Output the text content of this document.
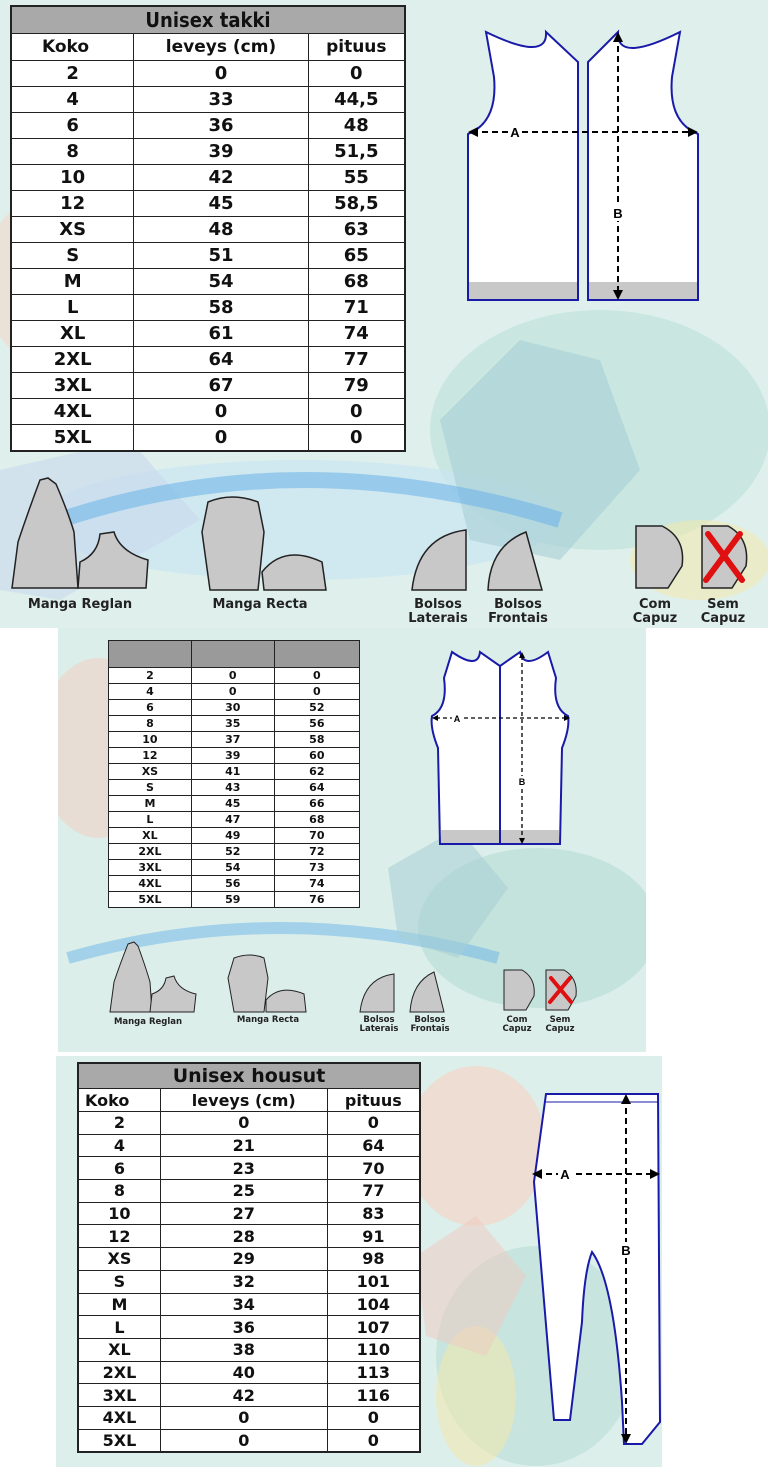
Unisex takki		
Koko	leveys (cm)	pituus
2	0	0
4	33	44,5
6	36	48
8	39	51,5
10	42	55
12	45	58,5
XS	48	63
S	51	65
M	54	68
L	58	71
XL	61	74
2XL	64	77
3XL	67	79
4XL	0	0
5XL	0	0
A
B
Manga Reglan	Manga Recta	Bolsos Laterais
Bolsos Frontais
Com Capuz
Sem Capuz

2	0	0
4	0	0
6	30	52
8	35	56
10	37	58
12	39	60
XS	41	62
S	43	64
M	45	66
L	47	68
XL	49	70
2XL	52	72
3XL	54	73
4XL	56	74
5XL	59	76
A
B
Manga Reglan	Manga Recta	Bolsos Laterais
Bolsos Frontais
Com Capuz
Sem Capuz
Unisex housut		
Koko	leveys (cm)	pituus
2	0	0
4	21	64
6	23	70
8	25	77
10	27	83
12	28	91
XS	29	98
S	32	101
M	34	104
L	36	107
XL	38	110
2XL	40	113
3XL	42	116
4XL	0	0
5XL	0	0
A
B
